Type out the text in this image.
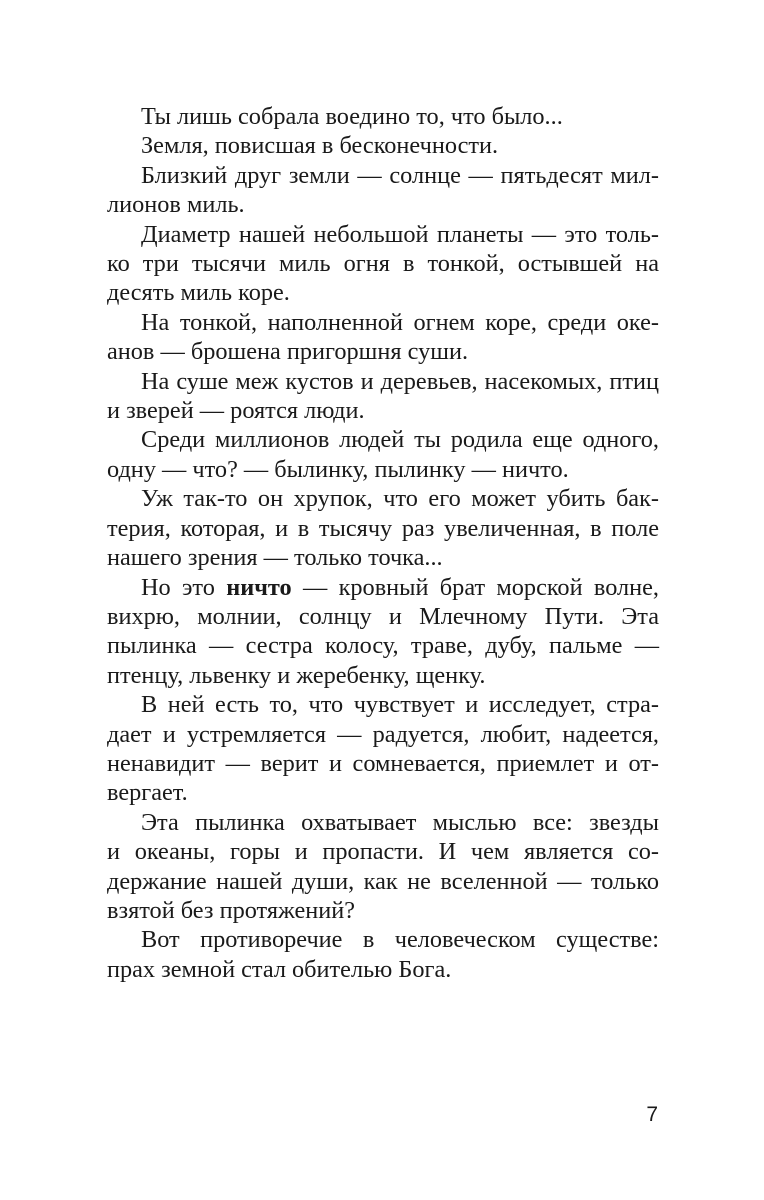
Ты лишь собрала воедино то, что было...
Земля, повисшая в бесконечности.
Близкий друг земли — солнце — пятьдесят мил-
лионов миль.
Диаметр нашей небольшой планеты — это толь-
ко три тысячи миль огня в тонкой, остывшей на
десять миль коре.
На тонкой, наполненной огнем коре, среди оке-
анов — брошена пригоршня суши.
На суше меж кустов и деревьев, насекомых, птиц
и зверей — роятся люди.
Среди миллионов людей ты родила еще одного,
одну — что? — былинку, пылинку — ничто.
Уж так-то он хрупок, что его может убить бак-
терия, которая, и в тысячу раз увеличенная, в поле
нашего зрения — только точка...
Но это ничто — кровный брат морской волне,
вихрю, молнии, солнцу и Млечному Пути. Эта
пылинка — сестра колосу, траве, дубу, пальме —
птенцу, львенку и жеребенку, щенку.
В ней есть то, что чувствует и исследует, стра-
дает и устремляется — радуется, любит, надеется,
ненавидит — верит и сомневается, приемлет и от-
вергает.
Эта пылинка охватывает мыслью все: звезды
и океаны, горы и пропасти. И чем является со-
держание нашей души, как не вселенной — только
взятой без протяжений?
Вот противоречие в человеческом существе:
прах земной стал обителью Бога.
7
